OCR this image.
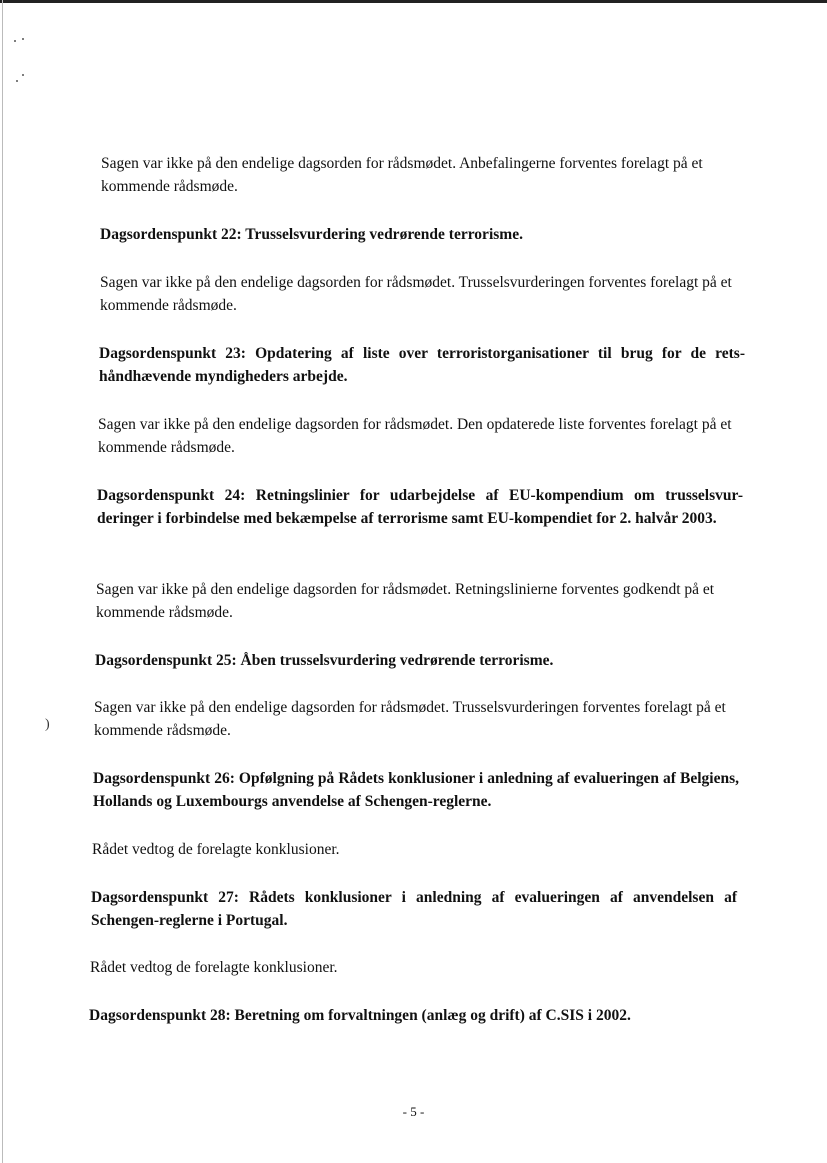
)

Sagen var ikke på den endelige dagsorden for rådsmødet. Anbefalingerne forventes forelagt på et kommende rådsmøde.

Dagsordenspunkt 22: Trusselsvurdering vedrørende terrorisme.

Sagen var ikke på den endelige dagsorden for rådsmødet. Trusselsvurderingen forventes forelagt på et kommende rådsmøde.

Dagsordenspunkt 23: Opdatering af liste over terroristorganisationer til brug for de rets-håndhævende myndigheders arbejde.

Sagen var ikke på den endelige dagsorden for rådsmødet. Den opdaterede liste forventes forelagt på et kommende rådsmøde.

Dagsordenspunkt 24: Retningslinier for udarbejdelse af EU-kompendium om trusselsvur-deringer i forbindelse med bekæmpelse af terrorisme samt EU-kompendiet for 2. halvår 2003.

Sagen var ikke på den endelige dagsorden for rådsmødet. Retningslinierne forventes godkendt på et kommende rådsmøde.

Dagsordenspunkt 25: Åben trusselsvurdering vedrørende terrorisme.

Sagen var ikke på den endelige dagsorden for rådsmødet. Trusselsvurderingen forventes forelagt på et kommende rådsmøde.

Dagsordenspunkt 26: Opfølgning på Rådets konklusioner i anledning af evalueringen af Belgiens, Hollands og Luxembourgs anvendelse af Schengen-reglerne.

Rådet vedtog de forelagte konklusioner.

Dagsordenspunkt 27: Rådets konklusioner i anledning af evalueringen af anvendelsen af Schengen-reglerne i Portugal.

Rådet vedtog de forelagte konklusioner.

Dagsordenspunkt 28: Beretning om forvaltningen (anlæg og drift) af C.SIS i 2002.

- 5 -
